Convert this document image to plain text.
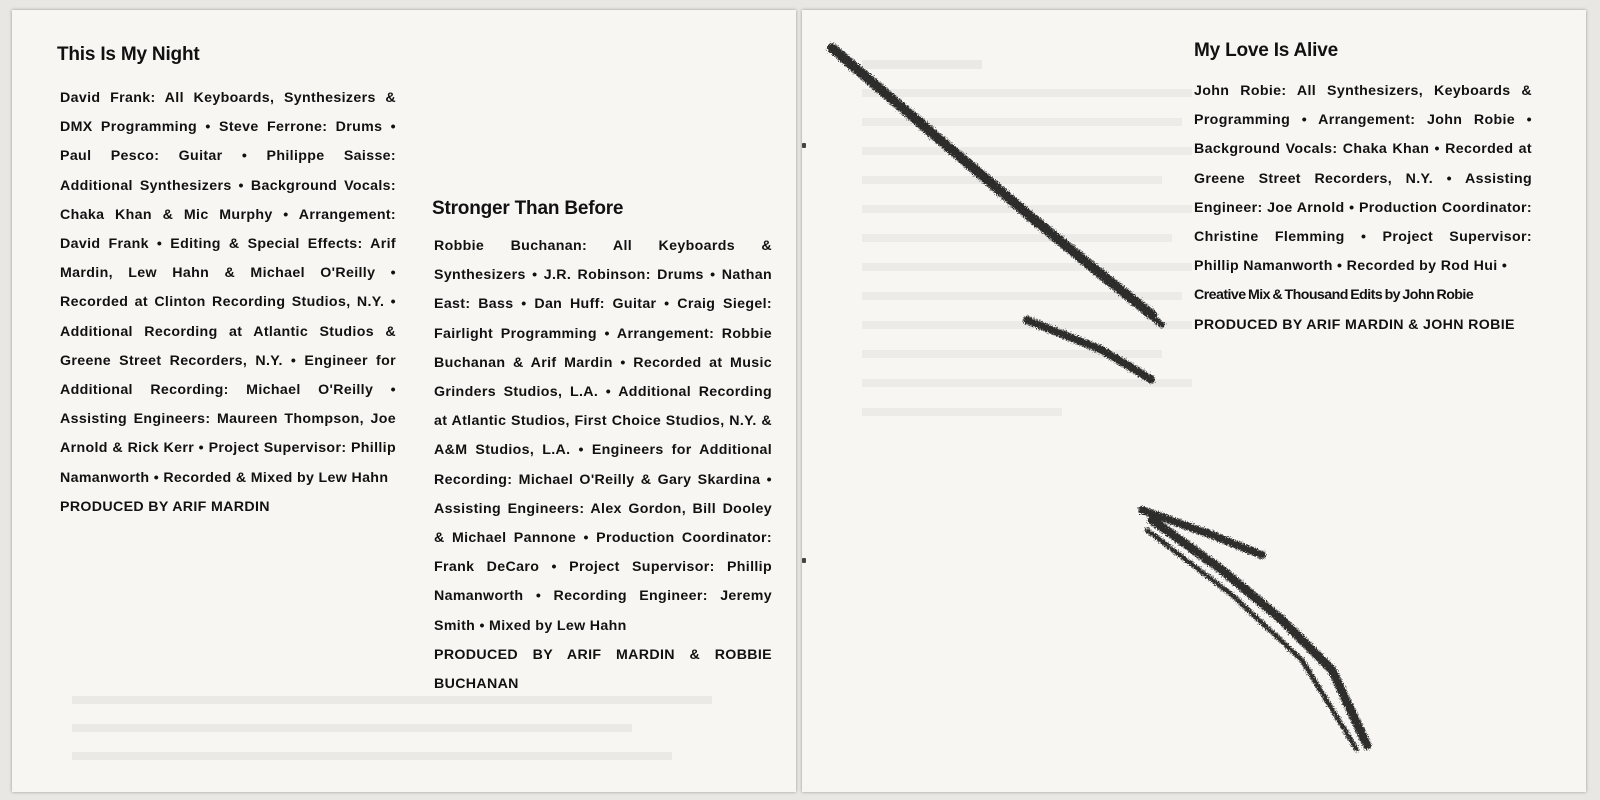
This Is My Night
David Frank: All Keyboards, Synthesizers & DMX Programming • Steve Ferrone: Drums • Paul Pesco: Guitar • Philippe Saisse: Additional Synthesizers • Background Vocals: Chaka Khan & Mic Murphy • Arrangement: David Frank • Editing & Special Effects: Arif Mardin, Lew Hahn & Michael O'Reilly • Recorded at Clinton Recording Studios, N.Y. • Additional Recording at Atlantic Studios & Greene Street Recorders, N.Y. • Engineer for Additional Recording: Michael O'Reilly • Assisting Engineers: Maureen Thompson, Joe Arnold & Rick Kerr • Project Supervisor: Phillip Namanworth • Recorded & Mixed by Lew Hahn
PRODUCED BY ARIF MARDIN
Stronger Than Before
Robbie Buchanan: All Keyboards & Synthesizers • J.R. Robinson: Drums • Nathan East: Bass • Dan Huff: Guitar • Craig Siegel: Fairlight Programming • Arrangement: Robbie Buchanan & Arif Mardin • Recorded at Music Grinders Studios, L.A. • Additional Recording at Atlantic Studios, First Choice Studios, N.Y. & A&M Studios, L.A. • Engineers for Additional Recording: Michael O'Reilly & Gary Skardina • Assisting Engineers: Alex Gordon, Bill Dooley & Michael Pannone • Production Coordinator: Frank DeCaro • Project Supervisor: Phillip Namanworth • Recording Engineer: Jeremy Smith • Mixed by Lew Hahn
PRODUCED BY ARIF MARDIN & ROBBIE BUCHANAN
My Love Is Alive
John Robie: All Synthesizers, Keyboards & Programming • Arrangement: John Robie • Background Vocals: Chaka Khan • Recorded at Greene Street Recorders, N.Y. • Assisting Engineer: Joe Arnold • Production Coordinator: Christine Flemming • Project Supervisor: Phillip Namanworth • Recorded by Rod Hui •
Creative Mix & Thousand Edits by John Robie
PRODUCED BY ARIF MARDIN & JOHN ROBIE
